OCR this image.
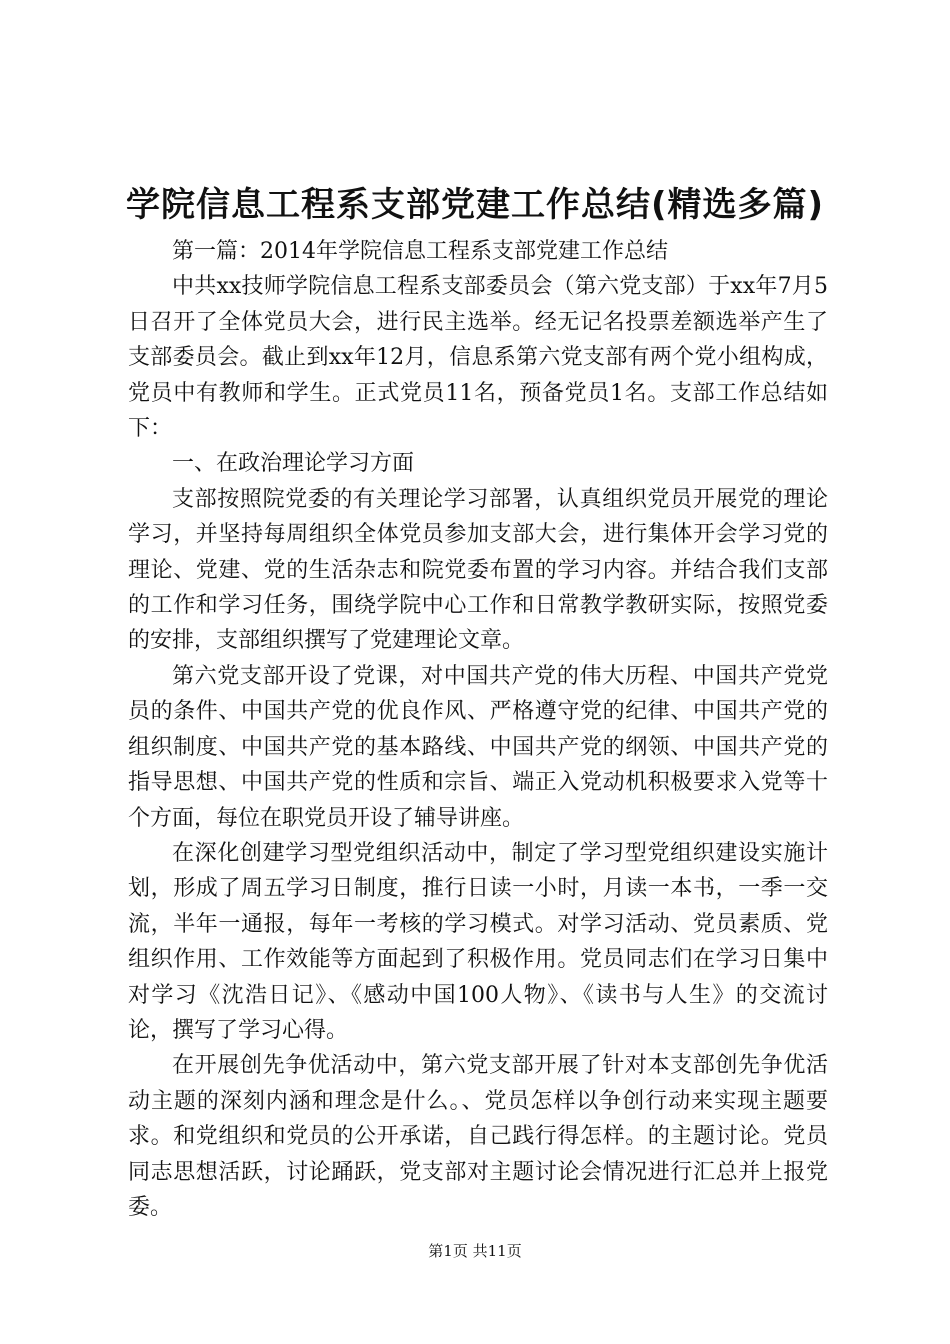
学院信息工程系支部党建工作总结(精选多篇)

第一篇：2014年学院信息工程系支部党建工作总结

中共xx技师学院信息工程系支部委员会（第六党支部）于xx年7月5日召开了全体党员大会，进行民主选举。经无记名投票差额选举产生了支部委员会。截止到xx年12月，信息系第六党支部有两个党小组构成，党员中有教师和学生。正式党员11名，预备党员1名。支部工作总结如下：

一、在政治理论学习方面

支部按照院党委的有关理论学习部署，认真组织党员开展党的理论学习，并坚持每周组织全体党员参加支部大会，进行集体开会学习党的理论、党建、党的生活杂志和院党委布置的学习内容。并结合我们支部的工作和学习任务，围绕学院中心工作和日常教学教研实际，按照党委的安排，支部组织撰写了党建理论文章。

第六党支部开设了党课，对中国共产党的伟大历程、中国共产党党员的条件、中国共产党的优良作风、严格遵守党的纪律、中国共产党的组织制度、中国共产党的基本路线、中国共产党的纲领、中国共产党的指导思想、中国共产党的性质和宗旨、端正入党动机积极要求入党等十个方面，每位在职党员开设了辅导讲座。

在深化创建学习型党组织活动中，制定了学习型党组织建设实施计划，形成了周五学习日制度，推行日读一小时，月读一本书，一季一交流，半年一通报，每年一考核的学习模式。对学习活动、党员素质、党组织作用、工作效能等方面起到了积极作用。党员同志们在学习日集中对学习《沈浩日记》、《感动中国100人物》、《读书与人生》的交流讨论，撰写了学习心得。

在开展创先争优活动中，第六党支部开展了针对本支部创先争优活动主题的深刻内涵和理念是什么。、党员怎样以争创行动来实现主题要求。和党组织和党员的公开承诺，自己践行得怎样。的主题讨论。党员同志思想活跃，讨论踊跃，党支部对主题讨论会情况进行汇总并上报党委。

第1页 共11页
